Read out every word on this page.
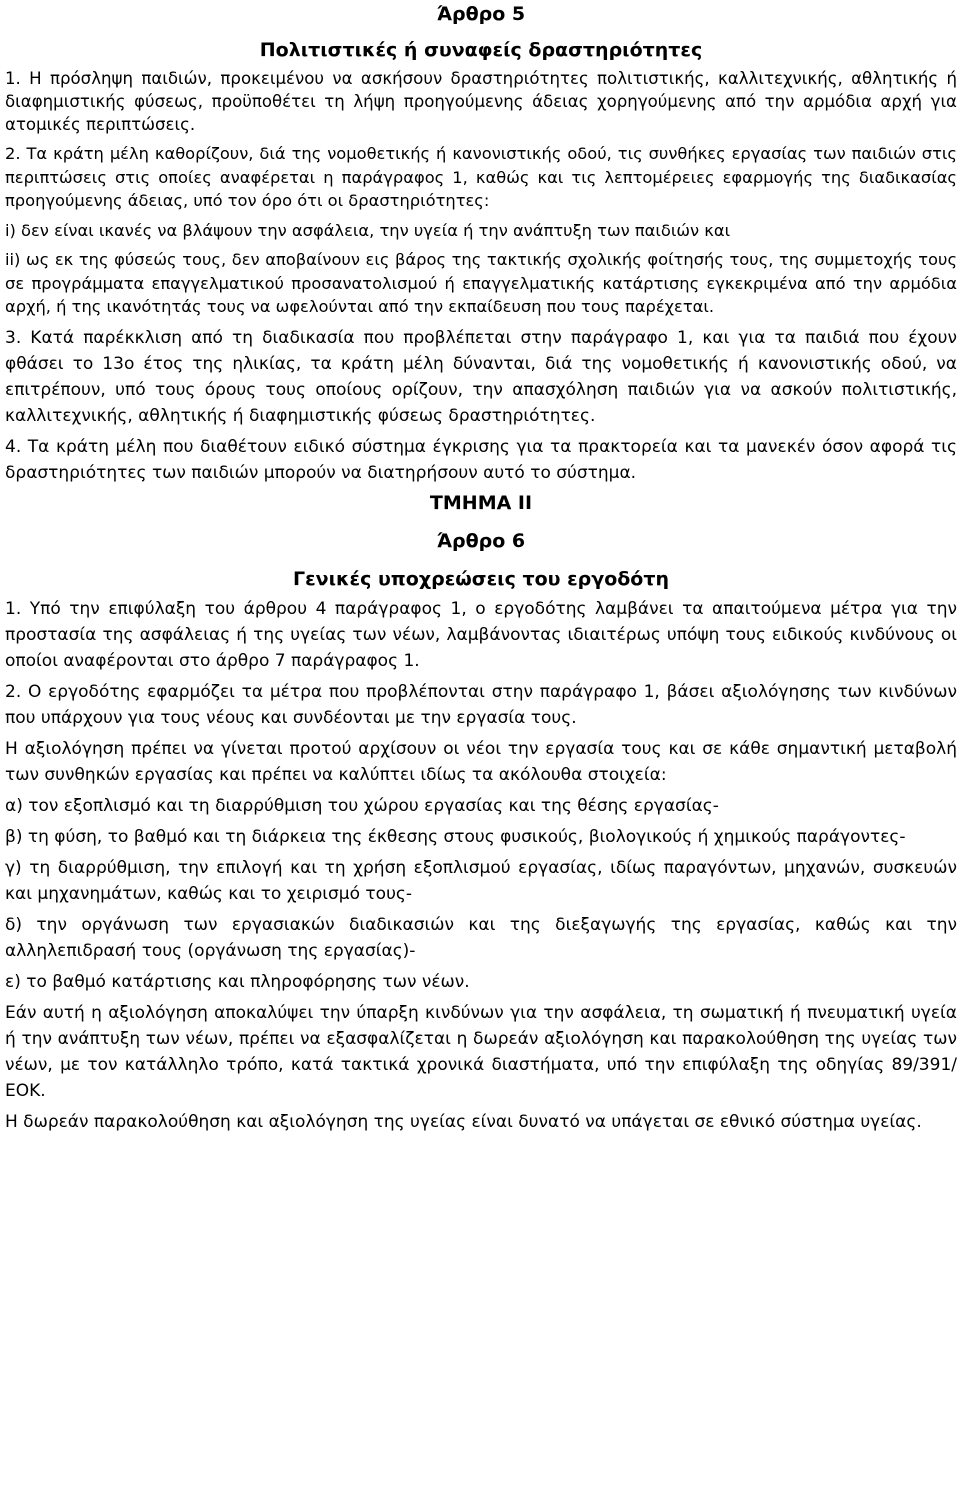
Άρθρο 5
Πολιτιστικές ή συναφείς δραστηριότητες

1. Η πρόσληψη παιδιών, προκειμένου να ασκήσουν δραστηριότητες πολιτιστικής, καλλιτεχνικής, αθλητικής ή διαφημιστικής φύσεως, προϋποθέτει τη λήψη προηγούμενης άδειας χορηγούμενης από την αρμόδια αρχή για ατομικές περιπτώσεις.

2. Τα κράτη μέλη καθορίζουν, διά της νομοθετικής ή κανονιστικής οδού, τις συνθήκες εργασίας των παιδιών στις περιπτώσεις στις οποίες αναφέρεται η παράγραφος 1, καθώς και τις λεπτομέρειες εφαρμογής της διαδικασίας προηγούμενης άδειας, υπό τον όρο ότι οι δραστηριότητες:

i) δεν είναι ικανές να βλάψουν την ασφάλεια, την υγεία ή την ανάπτυξη των παιδιών και

ii) ως εκ της φύσεώς τους, δεν αποβαίνουν εις βάρος της τακτικής σχολικής φοίτησής τους, της συμμετοχής τους σε προγράμματα επαγγελματικού προσανατολισμού ή επαγγελματικής κατάρτισης εγκεκριμένα από την αρμόδια αρχή, ή της ικανότητάς τους να ωφελούνται από την εκπαίδευση που τους παρέχεται.

3. Κατά παρέκκλιση από τη διαδικασία που προβλέπεται στην παράγραφο 1, και για τα παιδιά που έχουν φθάσει το 13ο έτος της ηλικίας, τα κράτη μέλη δύνανται, διά της νομοθετικής ή κανονιστικής οδού, να επιτρέπουν, υπό τους όρους τους οποίους ορίζουν, την απασχόληση παιδιών για να ασκούν πολιτιστικής, καλλιτεχνικής, αθλητικής ή διαφημιστικής φύσεως δραστηριότητες.

4. Τα κράτη μέλη που διαθέτουν ειδικό σύστημα έγκρισης για τα πρακτορεία και τα μανεκέν όσον αφορά τις δραστηριότητες των παιδιών μπορούν να διατηρήσουν αυτό το σύστημα.

ΤΜΗΜΑ II
Άρθρο 6
Γενικές υποχρεώσεις του εργοδότη

1. Υπό την επιφύλαξη του άρθρου 4 παράγραφος 1, ο εργοδότης λαμβάνει τα απαιτούμενα μέτρα για την προστασία της ασφάλειας ή της υγείας των νέων, λαμβάνοντας ιδιαιτέρως υπόψη τους ειδικούς κινδύνους οι οποίοι αναφέρονται στο άρθρο 7 παράγραφος 1.

2. Ο εργοδότης εφαρμόζει τα μέτρα που προβλέπονται στην παράγραφο 1, βάσει αξιολόγησης των κινδύνων που υπάρχουν για τους νέους και συνδέονται με την εργασία τους.

Η αξιολόγηση πρέπει να γίνεται προτού αρχίσουν οι νέοι την εργασία τους και σε κάθε σημαντική μεταβολή των συνθηκών εργασίας και πρέπει να καλύπτει ιδίως τα ακόλουθα στοιχεία:

α) τον εξοπλισμό και τη διαρρύθμιση του χώρου εργασίας και της θέσης εργασίας-

β) τη φύση, το βαθμό και τη διάρκεια της έκθεσης στους φυσικούς, βιολογικούς ή χημικούς παράγοντες-

γ) τη διαρρύθμιση, την επιλογή και τη χρήση εξοπλισμού εργασίας, ιδίως παραγόντων, μηχανών, συσκευών και μηχανημάτων, καθώς και το χειρισμό τους-

δ) την οργάνωση των εργασιακών διαδικασιών και της διεξαγωγής της εργασίας, καθώς και την αλληλεπιδρασή τους (οργάνωση της εργασίας)-

ε) το βαθμό κατάρτισης και πληροφόρησης των νέων.

Εάν αυτή η αξιολόγηση αποκαλύψει την ύπαρξη κινδύνων για την ασφάλεια, τη σωματική ή πνευματική υγεία ή την ανάπτυξη των νέων, πρέπει να εξασφαλίζεται η δωρεάν αξιολόγηση και παρακολούθηση της υγείας των νέων, με τον κατάλληλο τρόπο, κατά τακτικά χρονικά διαστήματα, υπό την επιφύλαξη της οδηγίας 89/391/ΕΟΚ.

Η δωρεάν παρακολούθηση και αξιολόγηση της υγείας είναι δυνατό να υπάγεται σε εθνικό σύστημα υγείας.
